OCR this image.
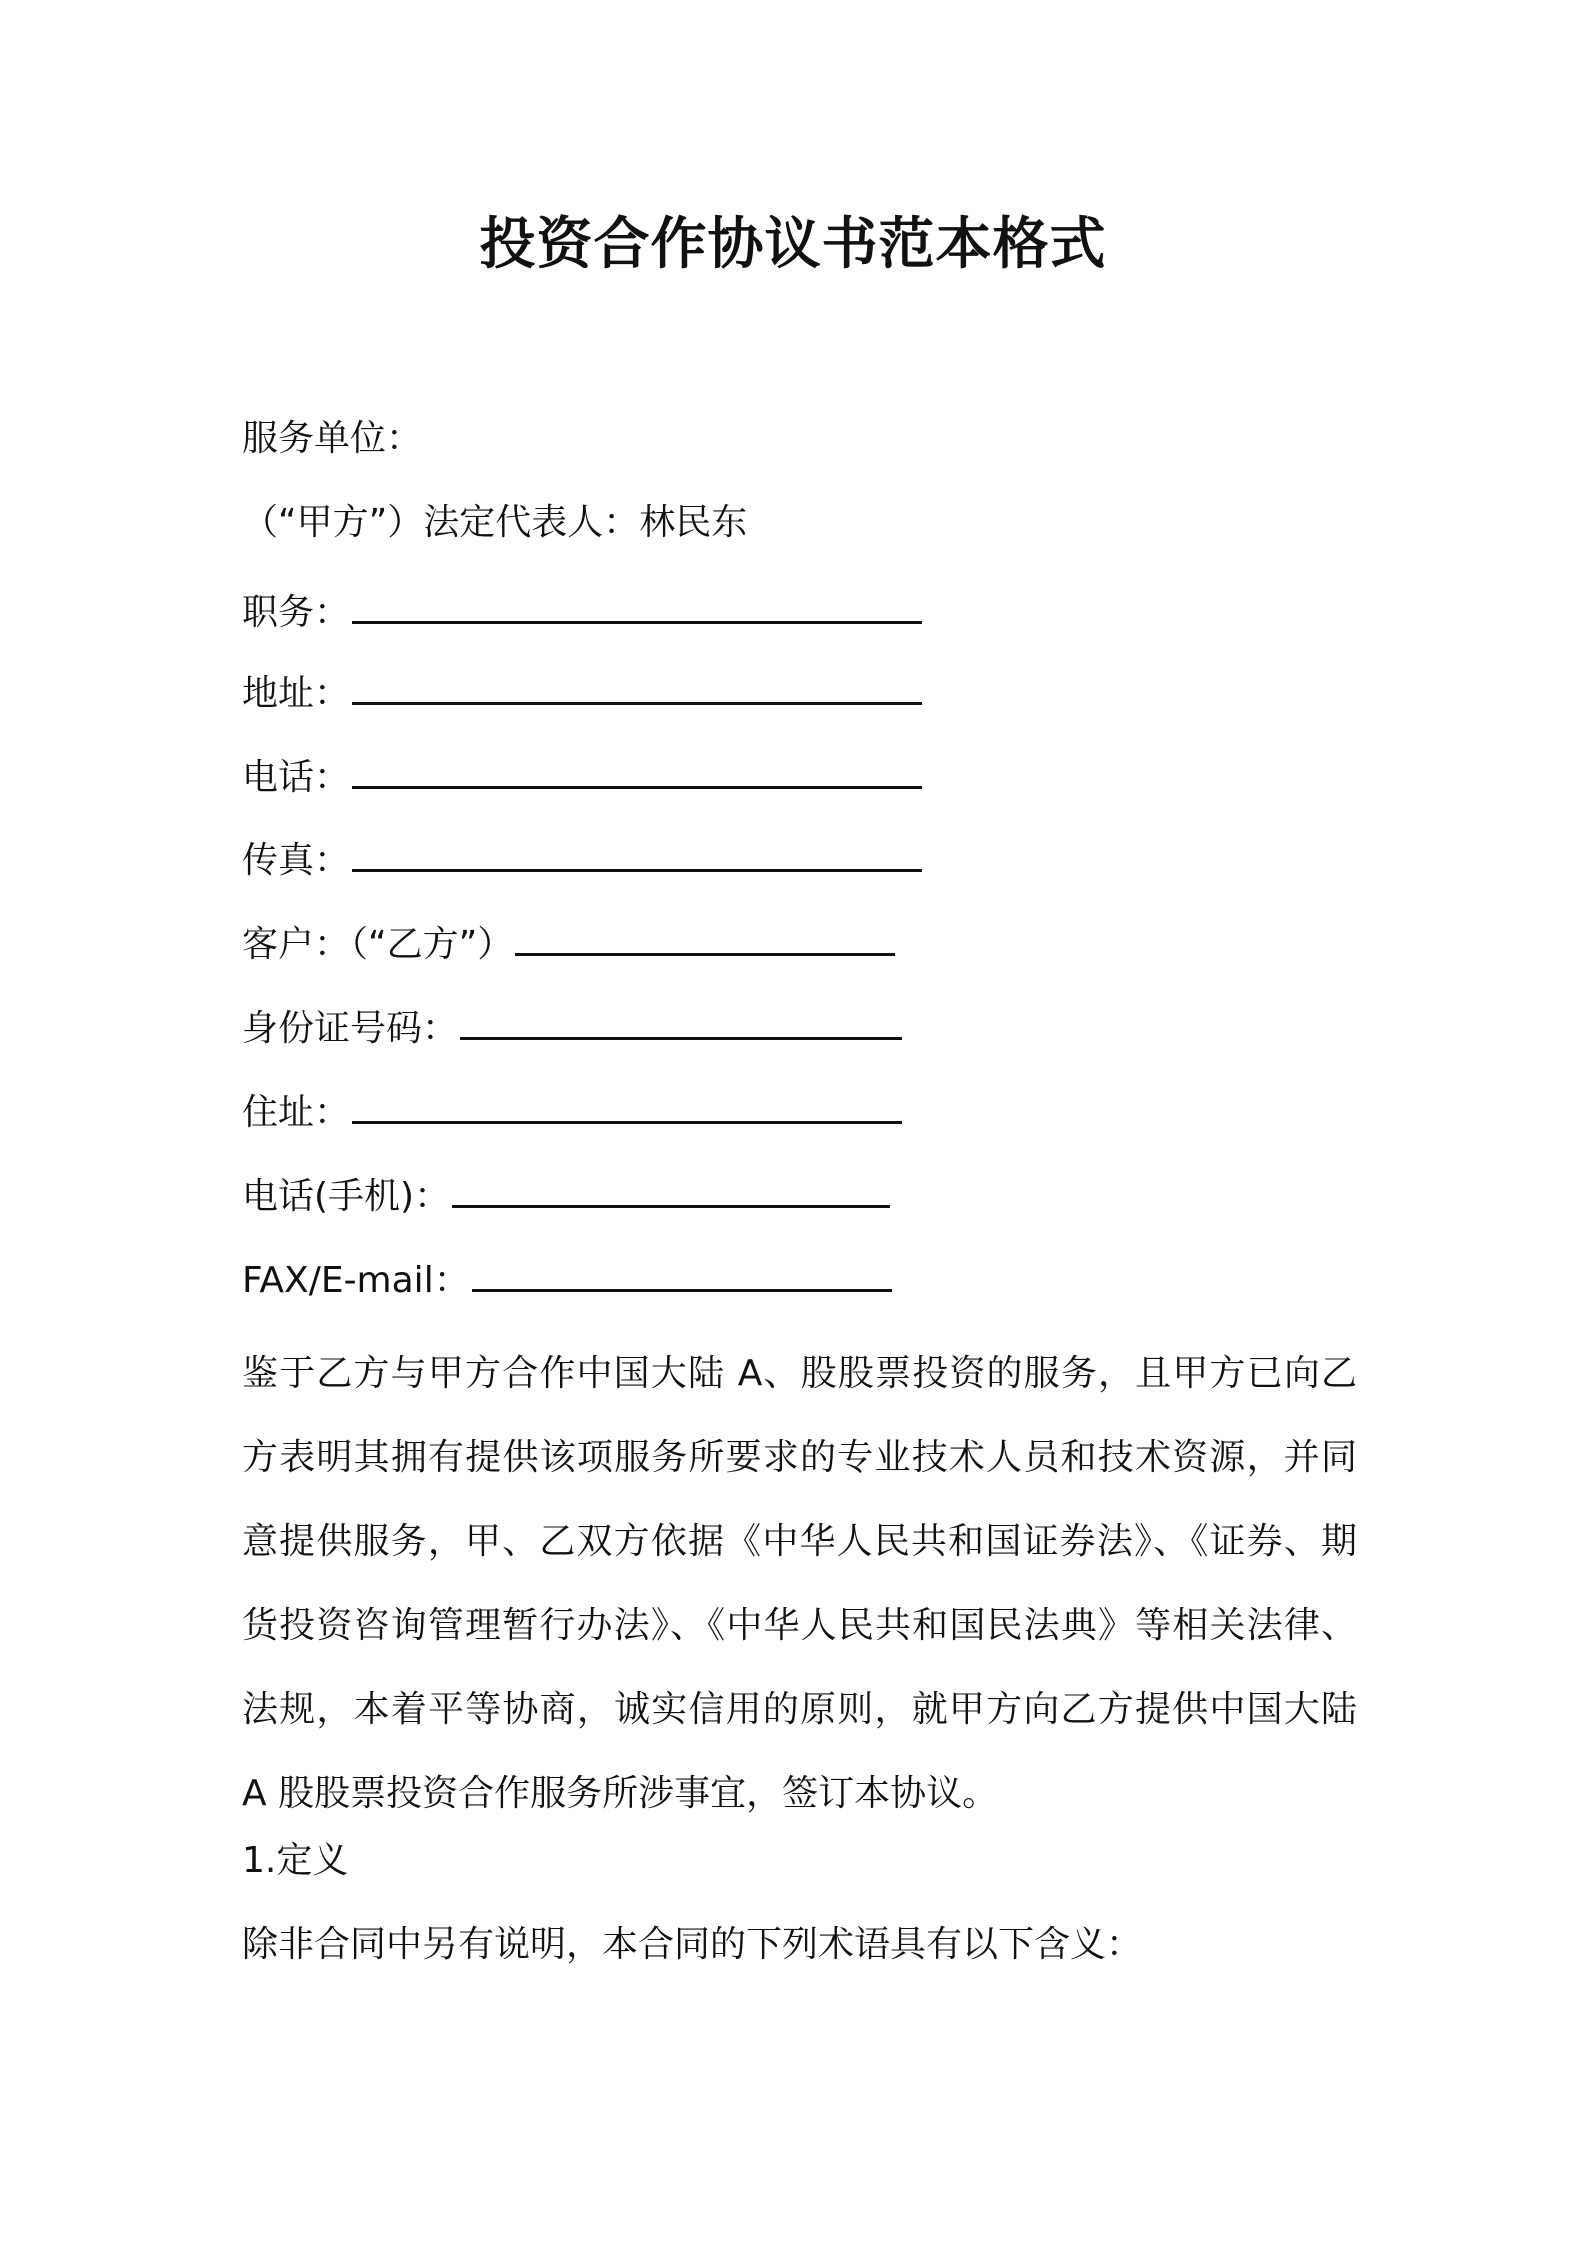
投资合作协议书范本格式

服务单位：

（“甲方”）法定代表人：林民东

职务：

地址：

电话：

传真：

客户：（“乙方”）

身份证号码：

住址：

电话(手机)：

FAX/E-mail：

鉴于乙方与甲方合作中国大陆 A、股股票投资的服务，且甲方已向乙方表明其拥有提供该项服务所要求的专业技术人员和技术资源，并同意提供服务，甲、乙双方依据《中华人民共和国证券法》、《证券、期货投资咨询管理暂行办法》、《中华人民共和国民法典》等相关法律、法规，本着平等协商，诚实信用的原则，就甲方向乙方提供中国大陆 A 股股票投资合作服务所涉事宜，签订本协议。

1.定义

除非合同中另有说明，本合同的下列术语具有以下含义：
